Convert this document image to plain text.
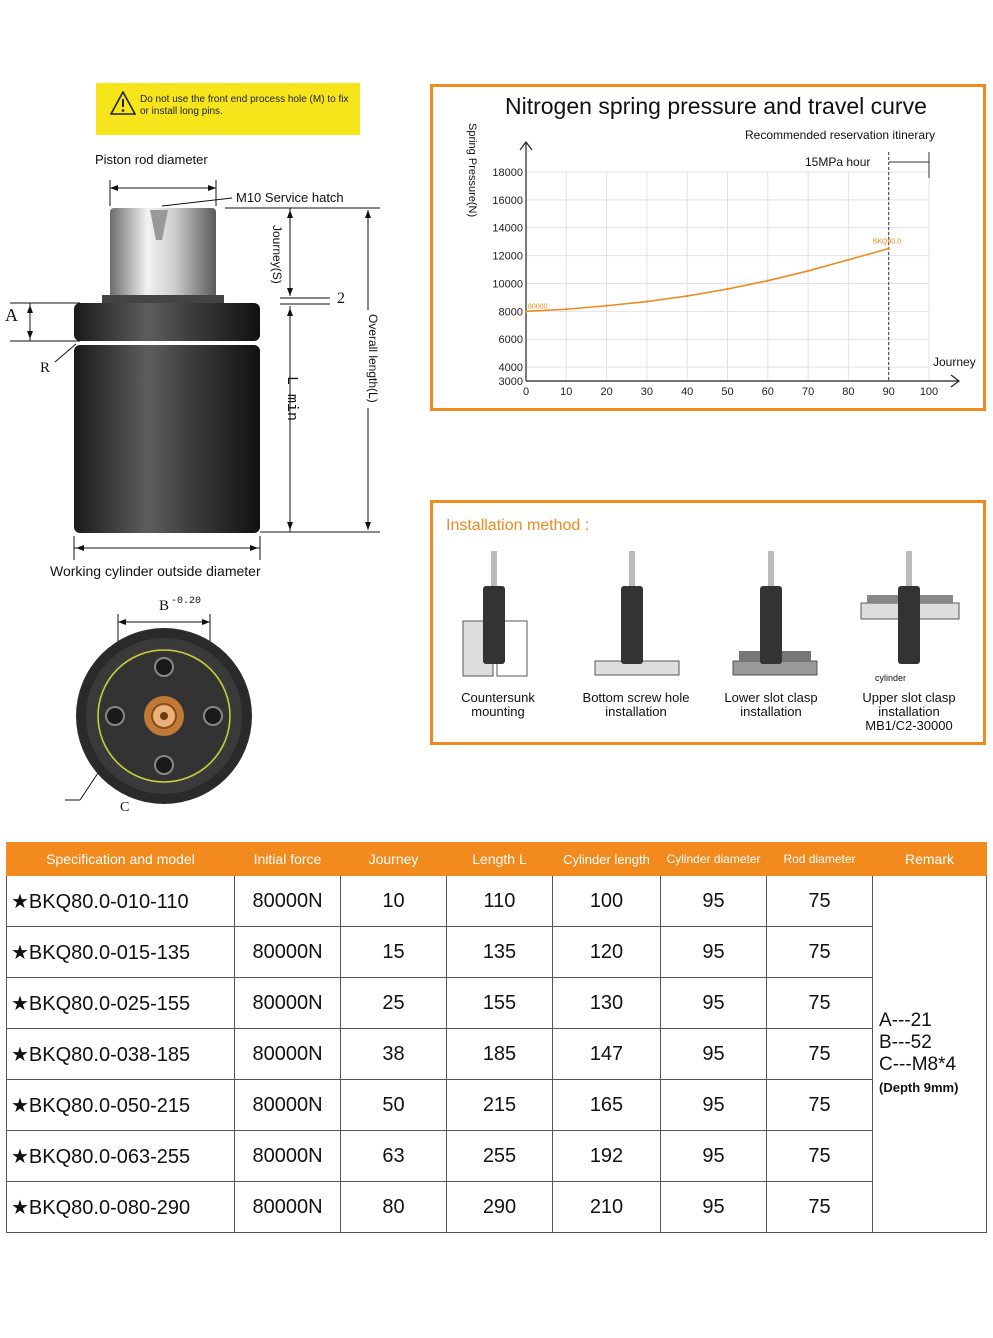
Do not use the front end process hole (M) to fix or install long pins.
Piston rod diameter
M10 Service hatch
Journey(S)
Overall length(L)
L min
2
A
R
Working cylinder outside diameter
B -0.20
C
Nitrogen spring pressure and travel curve
Recommended reservation itinerary
15MPa hour
Spring Pressure(N)
Journey
0	10	20	30	40	50	60	70	80	90 100
3000
4000
6000
8000
10000
12000
14000
16000
18000
BKQ80.0
80000
Installation method :
Countersunk mounting
Bottom screw hole installation
Lower slot clasp installation
Upper slot clasp installation MB1/C2-30000
cylinder
Specification and model	Initial force	Journey	Length L	Cylinder length	Cylinder diameter	Rod diameter	Remark
★BKQ80.0-010-110	80000N	10	110	100	95	75	A---21
B---52
C---M8*4
(Depth 9mm)
★BKQ80.0-015-135	80000N	15	135	120	95	75	
★BKQ80.0-025-155	80000N	25	155	130	95	75	
★BKQ80.0-038-185	80000N	38	185	147	95	75	
★BKQ80.0-050-215	80000N	50	215	165	95	75	
★BKQ80.0-063-255	80000N	63	255	192	95	75	
★BKQ80.0-080-290	80000N	80	290	210	95	75	
